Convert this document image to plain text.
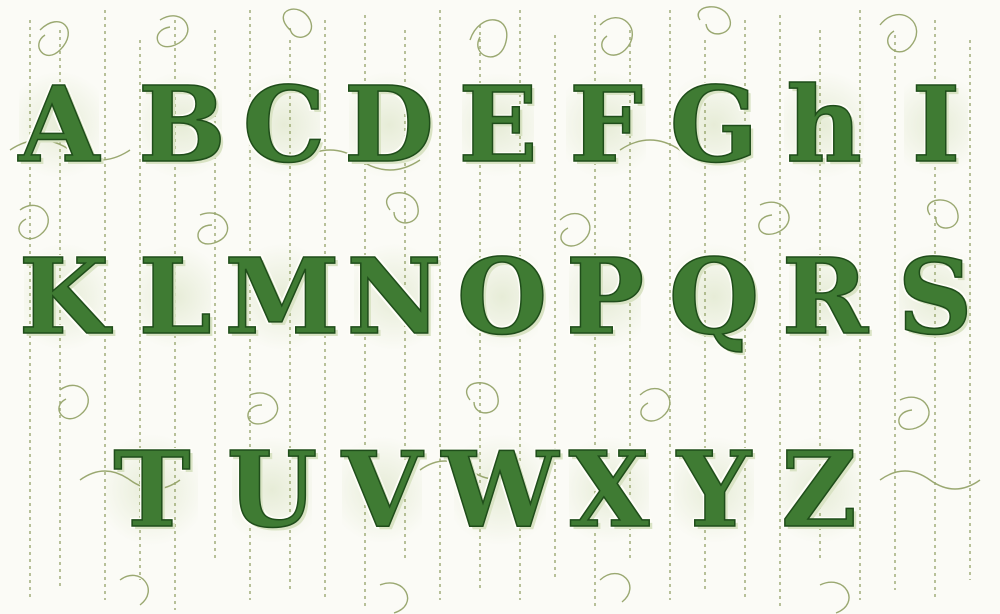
A B C D E F G h I
K L M N O P Q R S
T U V W X Y Z
